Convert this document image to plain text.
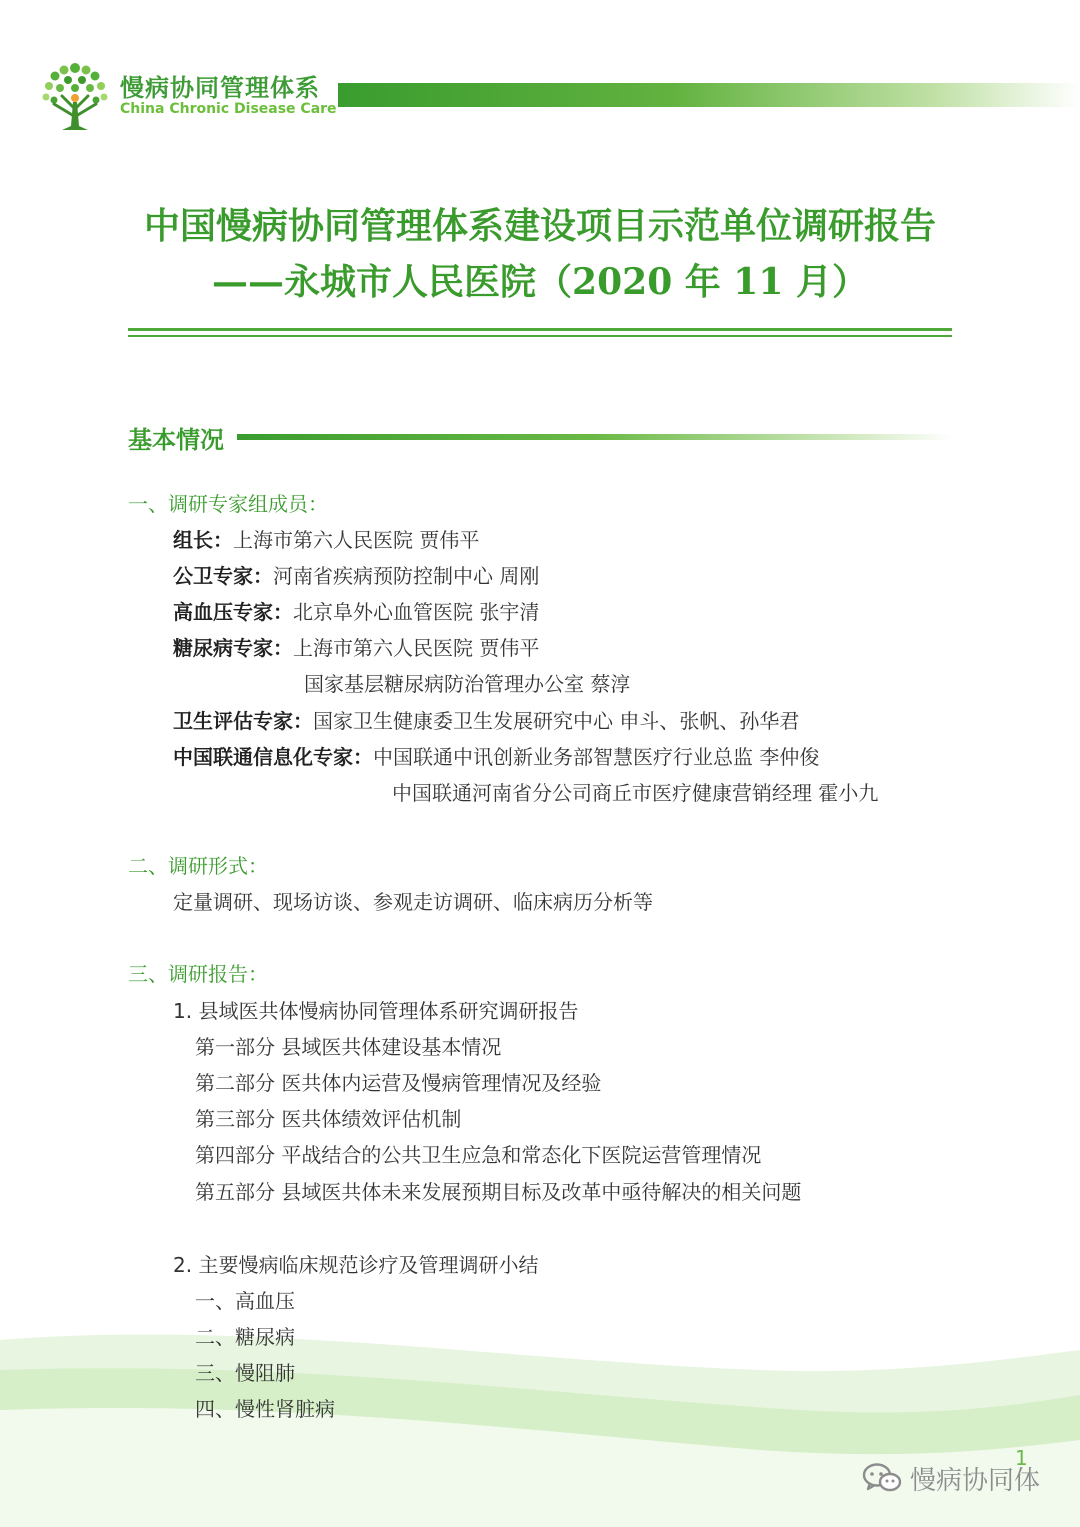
慢病协同管理体系
China Chronic Disease Care
中国慢病协同管理体系建设项目示范单位调研报告
——永城市人民医院（2020 年 11 月）
基本情况
一、调研专家组成员：
组长：上海市第六人民医院 贾伟平
公卫专家：河南省疾病预防控制中心 周刚
高血压专家：北京阜外心血管医院 张宇清
糖尿病专家：上海市第六人民医院 贾伟平
国家基层糖尿病防治管理办公室 蔡淳
卫生评估专家：国家卫生健康委卫生发展研究中心 申斗、张帆、孙华君
中国联通信息化专家：中国联通中讯创新业务部智慧医疗行业总监 李仲俊
中国联通河南省分公司商丘市医疗健康营销经理 霍小九
二、调研形式：
定量调研、现场访谈、参观走访调研、临床病历分析等
三、调研报告：
1. 县域医共体慢病协同管理体系研究调研报告
第一部分 县域医共体建设基本情况
第二部分 医共体内运营及慢病管理情况及经验
第三部分 医共体绩效评估机制
第四部分 平战结合的公共卫生应急和常态化下医院运营管理情况
第五部分 县域医共体未来发展预期目标及改革中亟待解决的相关问题
2. 主要慢病临床规范诊疗及管理调研小结
一、高血压
二、糖尿病
三、慢阻肺
四、慢性肾脏病
1
慢病协同体
